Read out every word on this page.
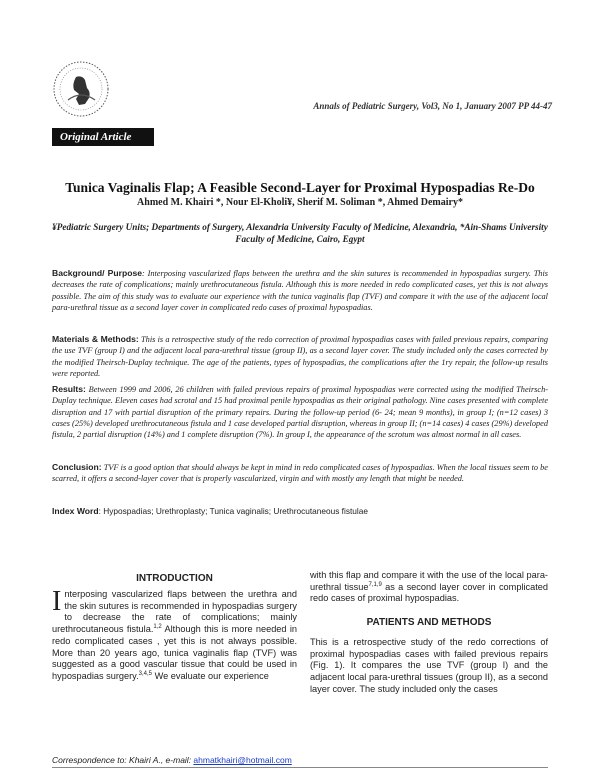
Annals of Pediatric Surgery, Vol3, No 1, January 2007 PP 44-47
Original Article
Tunica Vaginalis Flap; A Feasible Second-Layer for Proximal Hypospadias Re-Do
Ahmed M. Khairi *, Nour El-Kholi¥, Sherif M. Soliman *, Ahmed Demairy*
¥Pediatric Surgery Units; Departments of Surgery, Alexandria University Faculty of Medicine, Alexandria, *Ain-Shams University Faculty of Medicine, Cairo, Egypt
Background/ Purpose: Interposing vascularized flaps between the urethra and the skin sutures is recommended in hypospadias surgery. This decreases the rate of complications; mainly urethrocutaneous fistula. Although this is more needed in redo complicated cases, yet this is not always possible. The aim of this study was to evaluate our experience with the tunica vaginalis flap (TVF) and compare it with the use of the adjacent local para-urethral tissue as a second layer cover in complicated redo cases of proximal hypospadias.
Materials & Methods: This is a retrospective study of the redo correction of proximal hypospadias cases with failed previous repairs, comparing the use TVF (group I) and the adjacent local para-urethral tissue (group II), as a second layer cover. The study included only the cases corrected by the modified Theirsch-Duplay technique. The age of the patients, types of hypospadias, the complications after the 1ry repair, the follow-up results were reported.
Results: Between 1999 and 2006, 26 children with failed previous repairs of proximal hypospadias were corrected using the modified Theirsch-Duplay technique. Eleven cases had scrotal and 15 had proximal penile hypospadias as their original pathology. Nine cases presented with complete disruption and 17 with partial disruption of the primary repairs. During the follow-up period (6- 24; mean 9 months), in group I; (n=12 cases) 3 cases (25%) developed urethrocutaneous fistula and 1 case developed partial disruption, whereas in group II; (n=14 cases) 4 cases (29%) developed fistula, 2 partial disruption (14%) and 1 complete disruption (7%). In group I, the appearance of the scrotum was almost normal in all cases.
Conclusion: TVF is a good option that should always be kept in mind in redo complicated cases of hypospadias. When the local tissues seem to be scarred, it offers a second-layer cover that is properly vascularized, virgin and with mostly any length that might be needed.
Index Word: Hypospadias; Urethroplasty; Tunica vaginalis; Urethrocutaneous fistulae
INTRODUCTION
Interposing vascularized flaps between the urethra and the skin sutures is recommended in hypospadias surgery to decrease the rate of complications; mainly urethrocutaneous fistula.$^{1,2}$ Although this is more needed in redo complicated cases , yet this is not always possible. More than 20 years ago, tunica vaginalis flap (TVF) was suggested as a good vascular tissue that could be used in hypospadias surgery.$^{3,4,5}$ We evaluate our experience
with this flap and compare it with the use of the local para-urethral tissue$^{7,1,9}$ as a second layer cover in complicated redo cases of proximal hypospadias.
PATIENTS AND METHODS
This is a retrospective study of the redo corrections of proximal hypospadias cases with failed previous repairs (Fig. 1). It compares the use TVF (group I) and the adjacent local para-urethral tissues (group II), as a second layer cover. The study included only the cases
Correspondence to: Khairi A., e-mail: ahmatkhairi@hotmail.com
